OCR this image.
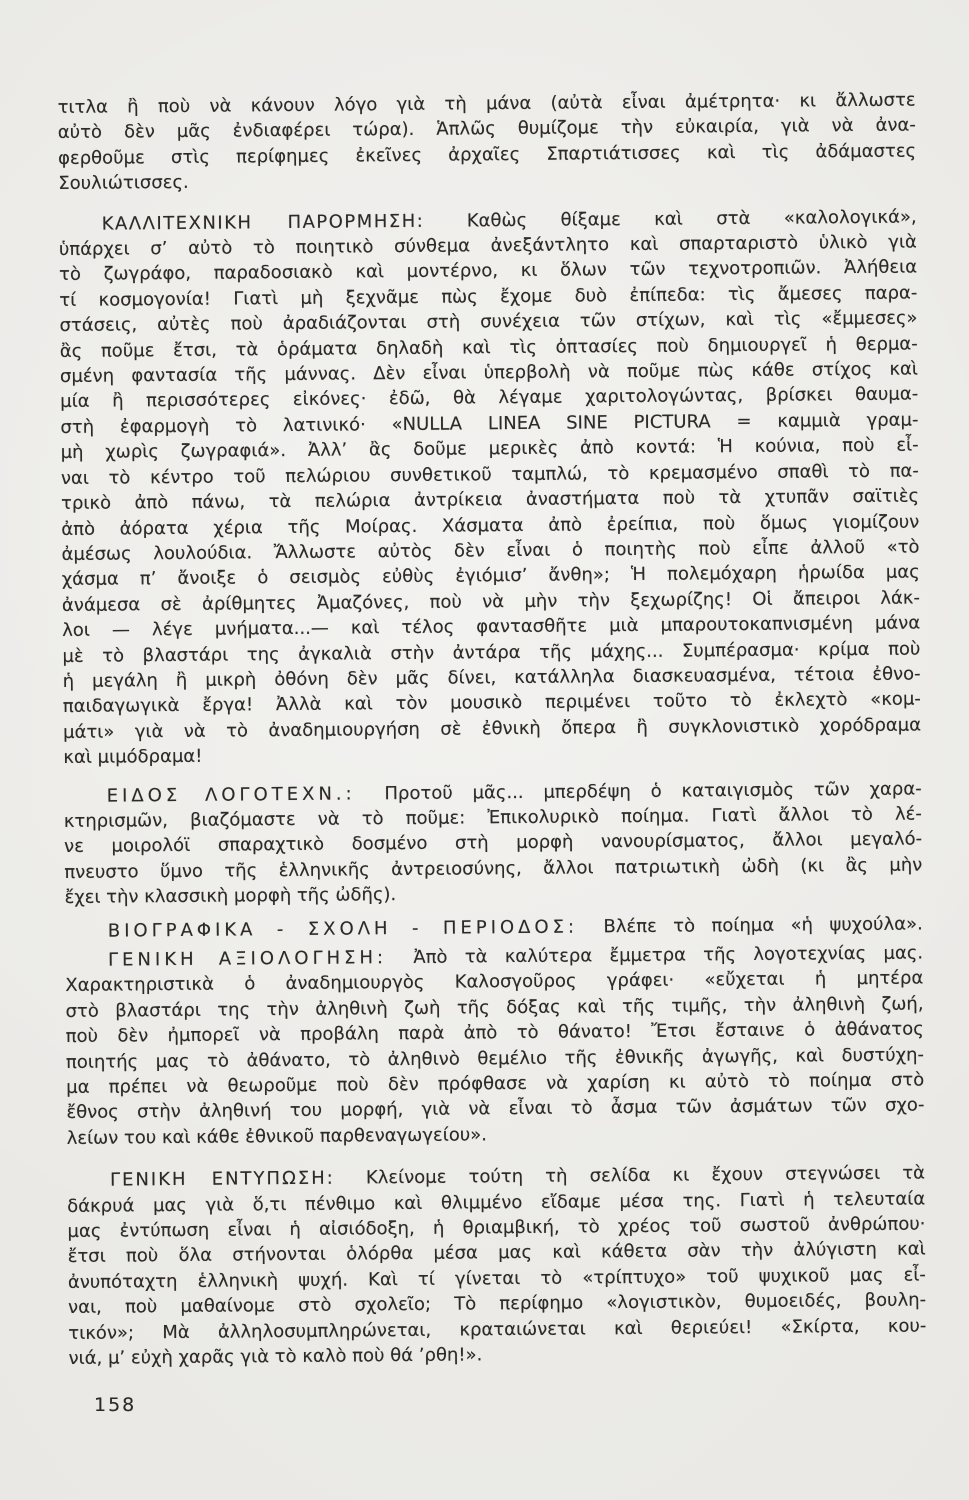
τιτλα ἢ ποὺ νὰ κάνουν λόγο γιὰ τὴ μάνα (αὐτὰ εἶναι ἀμέτρητα· κι ἄλλωστε
αὐτὸ δὲν μᾶς ἐνδιαφέρει τώρα). Ἁπλῶς θυμίζομε τὴν εὐκαιρία, γιὰ νὰ ἀνα-
φερθοῦμε στὶς περίφημες ἐκεῖνες ἀρχαῖες Σπαρτιάτισσες καὶ τὶς ἀδάμαστες
Σουλιώτισσες.

ΚΑΛΛΙΤΕΧΝΙΚΗ ΠΑΡΟΡΜΗΣΗ: Καθὼς θίξαμε καὶ στὰ «καλολογικά»,
ὑπάρχει σ’ αὐτὸ τὸ ποιητικὸ σύνθεμα ἀνεξάντλητο καὶ σπαρταριστὸ ὑλικὸ γιὰ
τὸ ζωγράφο, παραδοσιακὸ καὶ μοντέρνο, κι ὅλων τῶν τεχνοτροπιῶν. Ἀλήθεια
τί κοσμογονία! Γιατὶ μὴ ξεχνᾶμε πὼς ἔχομε δυὸ ἐπίπεδα: τὶς ἄμεσες παρα-
στάσεις, αὐτὲς ποὺ ἀραδιάζονται στὴ συνέχεια τῶν στίχων, καὶ τὶς «ἔμμεσες»
ἂς ποῦμε ἔτσι, τὰ ὁράματα δηλαδὴ καὶ τὶς ὀπτασίες ποὺ δημιουργεῖ ἡ θερμα-
σμένη φαντασία τῆς μάννας. Δὲν εἶναι ὑπερβολὴ νὰ ποῦμε πὼς κάθε στίχος καὶ
μία ἢ περισσότερες εἰκόνες· ἐδῶ, θὰ λέγαμε χαριτολογώντας, βρίσκει θαυμα-
στὴ ἐφαρμογὴ τὸ λατινικό· «NULLA LINEA SINE PICTURA = καμμιὰ γραμ-
μὴ χωρὶς ζωγραφιά». Ἀλλ’ ἂς δοῦμε μερικὲς ἀπὸ κοντά: Ἡ κούνια, ποὺ εἶ-
ναι τὸ κέντρο τοῦ πελώριου συνθετικοῦ ταμπλώ, τὸ κρεμασμένο σπαθὶ τὸ πα-
τρικὸ ἀπὸ πάνω, τὰ πελώρια ἀντρίκεια ἀναστήματα ποὺ τὰ χτυπᾶν σαϊτιὲς
ἀπὸ ἀόρατα χέρια τῆς Μοίρας. Χάσματα ἀπὸ ἐρείπια, ποὺ ὅμως γιομίζουν
ἀμέσως λουλούδια. Ἄλλωστε αὐτὸς δὲν εἶναι ὁ ποιητὴς ποὺ εἶπε ἀλλοῦ «τὸ
χάσμα π’ ἄνοιξε ὁ σεισμὸς εὐθὺς ἐγιόμισ’ ἄνθη»; Ἡ πολεμόχαρη ἡρωίδα μας
ἀνάμεσα σὲ ἀρίθμητες Ἀμαζόνες, ποὺ νὰ μὴν τὴν ξεχωρίζης! Οἱ ἄπειροι λάκ-
λοι — λέγε μνήματα...— καὶ τέλος φαντασθῆτε μιὰ μπαρουτοκαπνισμένη μάνα
μὲ τὸ βλαστάρι της ἀγκαλιὰ στὴν ἀντάρα τῆς μάχης... Συμπέρασμα· κρίμα ποὺ
ἡ μεγάλη ἢ μικρὴ ὀθόνη δὲν μᾶς δίνει, κατάλληλα διασκευασμένα, τέτοια ἐθνο-
παιδαγωγικὰ ἔργα! Ἀλλὰ καὶ τὸν μουσικὸ περιμένει τοῦτο τὸ ἐκλεχτὸ «κομ-
μάτι» γιὰ νὰ τὸ ἀναδημιουργήση σὲ ἐθνικὴ ὄπερα ἢ συγκλονιστικὸ χορόδραμα
καὶ μιμόδραμα!

ΕΙΔΟΣ ΛΟΓΟΤΕΧΝ.: Προτοῦ μᾶς... μπερδέψη ὁ καταιγισμὸς τῶν χαρα-
κτηρισμῶν, βιαζόμαστε νὰ τὸ ποῦμε: Ἐπικολυρικὸ ποίημα. Γιατὶ ἄλλοι τὸ λέ-
νε μοιρολόϊ σπαραχτικὸ δοσμένο στὴ μορφὴ νανουρίσματος, ἄλλοι μεγαλό-
πνευστο ὕμνο τῆς ἑλληνικῆς ἀντρειοσύνης, ἄλλοι πατριωτικὴ ὠδὴ (κι ἂς μὴν
ἔχει τὴν κλασσικὴ μορφὴ τῆς ὠδῆς).

ΒΙΟΓΡΑΦΙΚΑ - ΣΧΟΛΗ - ΠΕΡΙΟΔΟΣ: Βλέπε τὸ ποίημα «ἡ ψυχούλα».

ΓΕΝΙΚΗ ΑΞΙΟΛΟΓΗΣΗ: Ἀπὸ τὰ καλύτερα ἔμμετρα τῆς λογοτεχνίας μας.
Χαρακτηριστικὰ ὁ ἀναδημιουργὸς Καλοσγοῦρος γράφει· «εὔχεται ἡ μητέρα
στὸ βλαστάρι της τὴν ἀληθινὴ ζωὴ τῆς δόξας καὶ τῆς τιμῆς, τὴν ἀληθινὴ ζωή,
ποὺ δὲν ἠμπορεῖ νὰ προβάλη παρὰ ἀπὸ τὸ θάνατο! Ἔτσι ἔσταινε ὁ ἀθάνατος
ποιητής μας τὸ ἀθάνατο, τὸ ἀληθινὸ θεμέλιο τῆς ἐθνικῆς ἀγωγῆς, καὶ δυστύχη-
μα πρέπει νὰ θεωροῦμε ποὺ δὲν πρόφθασε νὰ χαρίση κι αὐτὸ τὸ ποίημα στὸ
ἔθνος στὴν ἀληθινή του μορφή, γιὰ νὰ εἶναι τὸ ἆσμα τῶν ἀσμάτων τῶν σχο-
λείων του καὶ κάθε ἐθνικοῦ παρθεναγωγείου».

ΓΕΝΙΚΗ ΕΝΤΥΠΩΣΗ: Κλείνομε τούτη τὴ σελίδα κι ἔχουν στεγνώσει τὰ
δάκρυά μας γιὰ ὅ,τι πένθιμο καὶ θλιμμένο εἴδαμε μέσα της. Γιατὶ ἡ τελευταία
μας ἐντύπωση εἶναι ἡ αἰσιόδοξη, ἡ θριαμβική, τὸ χρέος τοῦ σωστοῦ ἀνθρώπου·
ἔτσι ποὺ ὅλα στήνονται ὁλόρθα μέσα μας καὶ κάθετα σὰν τὴν ἀλύγιστη καὶ
ἀνυπόταχτη ἑλληνικὴ ψυχή. Καὶ τί γίνεται τὸ «τρίπτυχο» τοῦ ψυχικοῦ μας εἶ-
ναι, ποὺ μαθαίνομε στὸ σχολεῖο; Τὸ περίφημο «λογιστικὸν, θυμοειδές, βουλη-
τικόν»; Μὰ ἀλληλοσυμπληρώνεται, κραταιώνεται καὶ θεριεύει! «Σκίρτα, κου-
νιά, μ’ εὐχὴ χαρᾶς γιὰ τὸ καλὸ ποὺ θά ’ρθη!».

158
